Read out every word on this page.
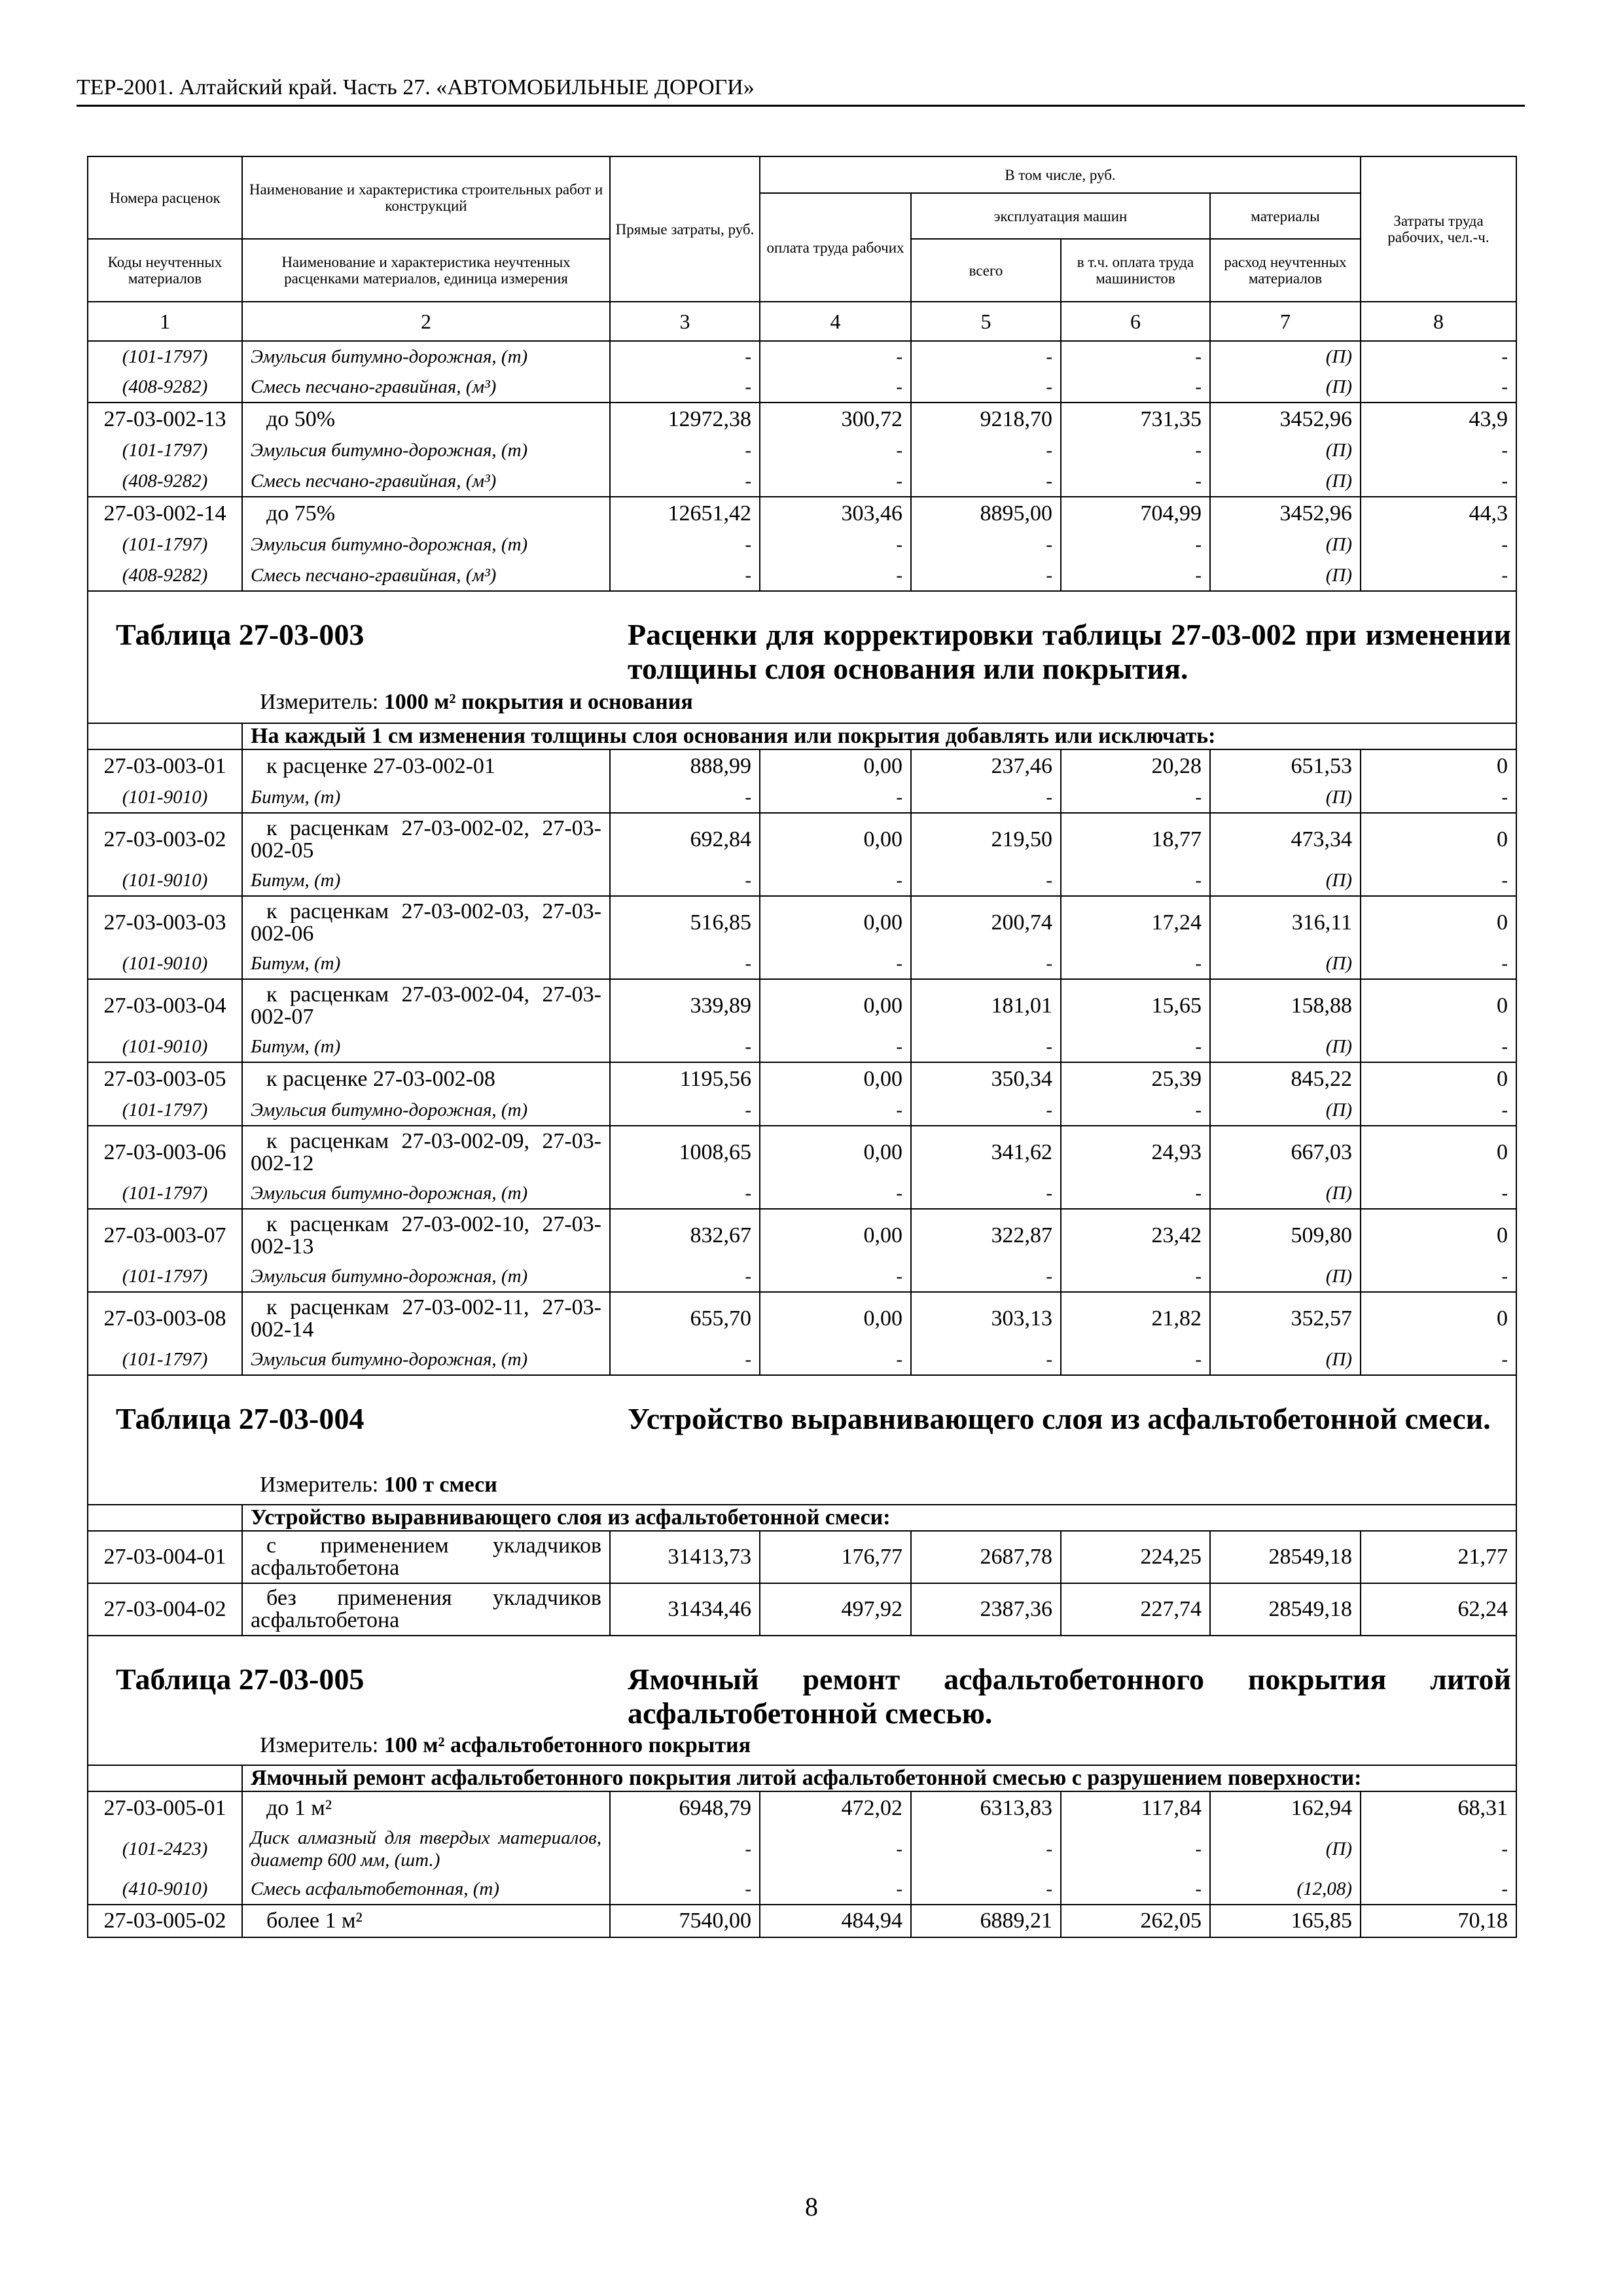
ТЕР-2001. Алтайский край. Часть 27. «АВТОМОБИЛЬНЫЕ ДОРОГИ»
Номера расценок	Наименование и характеристика строительных работ и конструкций	Прямые затраты, руб.	В том числе, руб.				Затраты труда рабочих, чел.-ч.
			оплата труда рабочих	эксплуатация машин		материалы	
Коды неучтенных материалов	Наименование и характеристика неучтенных расценками материалов, единица измерения			всего	в т.ч. оплата труда машинистов	расход неучтенных материалов	
1	2	3	4	5	6	7	8
(101-1797)	Эмульсия битумно-дорожная, (т)	-	-	-	-	(П)	-
(408-9282)	Смесь песчано-гравийная, (м³)	-	-	-	-	(П)	-
27-03-002-13	до 50%	12972,38	300,72	9218,70	731,35	3452,96	43,9
(101-1797)	Эмульсия битумно-дорожная, (т)	-	-	-	-	(П)	-
(408-9282)	Смесь песчано-гравийная, (м³)	-	-	-	-	(П)	-
27-03-002-14	до 75%	12651,42	303,46	8895,00	704,99	3452,96	44,3
(101-1797)	Эмульсия битумно-дорожная, (т)	-	-	-	-	(П)	-
(408-9282)	Смесь песчано-гравийная, (м³)	-	-	-	-	(П)	-

Таблица 27-03-003 Расценки для корректировки таблицы 27-03-002 при изменении толщины слоя основания или покрытия.
Измеритель: 1000 м² покрытия и основания							

	На каждый 1 см изменения толщины слоя основания или покрытия добавлять или исключать:						
27-03-003-01	к расценке 27-03-002-01	888,99	0,00	237,46	20,28	651,53	0
(101-9010)	Битум, (т)	-	-	-	-	(П)	-
27-03-003-02	к расценкам 27-03-002-02, 27-03-002-05	692,84	0,00	219,50	18,77	473,34	0
(101-9010)	Битум, (т)	-	-	-	-	(П)	-
27-03-003-03	к расценкам 27-03-002-03, 27-03-002-06	516,85	0,00	200,74	17,24	316,11	0
(101-9010)	Битум, (т)	-	-	-	-	(П)	-
27-03-003-04	к расценкам 27-03-002-04, 27-03-002-07	339,89	0,00	181,01	15,65	158,88	0
(101-9010)	Битум, (т)	-	-	-	-	(П)	-
27-03-003-05	к расценке 27-03-002-08	1195,56	0,00	350,34	25,39	845,22	0
(101-1797)	Эмульсия битумно-дорожная, (т)	-	-	-	-	(П)	-
27-03-003-06	к расценкам 27-03-002-09, 27-03-002-12	1008,65	0,00	341,62	24,93	667,03	0
(101-1797)	Эмульсия битумно-дорожная, (т)	-	-	-	-	(П)	-
27-03-003-07	к расценкам 27-03-002-10, 27-03-002-13	832,67	0,00	322,87	23,42	509,80	0
(101-1797)	Эмульсия битумно-дорожная, (т)	-	-	-	-	(П)	-
27-03-003-08	к расценкам 27-03-002-11, 27-03-002-14	655,70	0,00	303,13	21,82	352,57	0
(101-1797)	Эмульсия битумно-дорожная, (т)	-	-	-	-	(П)	-

Таблица 27-03-004 Устройство выравнивающего слоя из асфальтобетонной смеси.
Измеритель: 100 т смеси							

	Устройство выравнивающего слоя из асфальтобетонной смеси:						
27-03-004-01	с применением укладчиков асфальтобетона	31413,73	176,77	2687,78	224,25	28549,18	21,77
27-03-004-02	без применения укладчиков асфальтобетона	31434,46	497,92	2387,36	227,74	28549,18	62,24

Таблица 27-03-005 Ямочный ремонт асфальтобетонного покрытия литой асфальтобетонной смесью.
Измеритель: 100 м² асфальтобетонного покрытия							

	Ямочный ремонт асфальтобетонного покрытия литой асфальтобетонной смесью с разрушением поверхности:						
27-03-005-01	до 1 м²	6948,79	472,02	6313,83	117,84	162,94	68,31
(101-2423)	Диск алмазный для твердых материалов, диаметр 600 мм, (шт.)	-	-	-	-	(П)	-
(410-9010)	Смесь асфальтобетонная, (т)	-	-	-	-	(12,08)	-
27-03-005-02	более 1 м²	7540,00	484,94	6889,21	262,05	165,85	70,18
8
